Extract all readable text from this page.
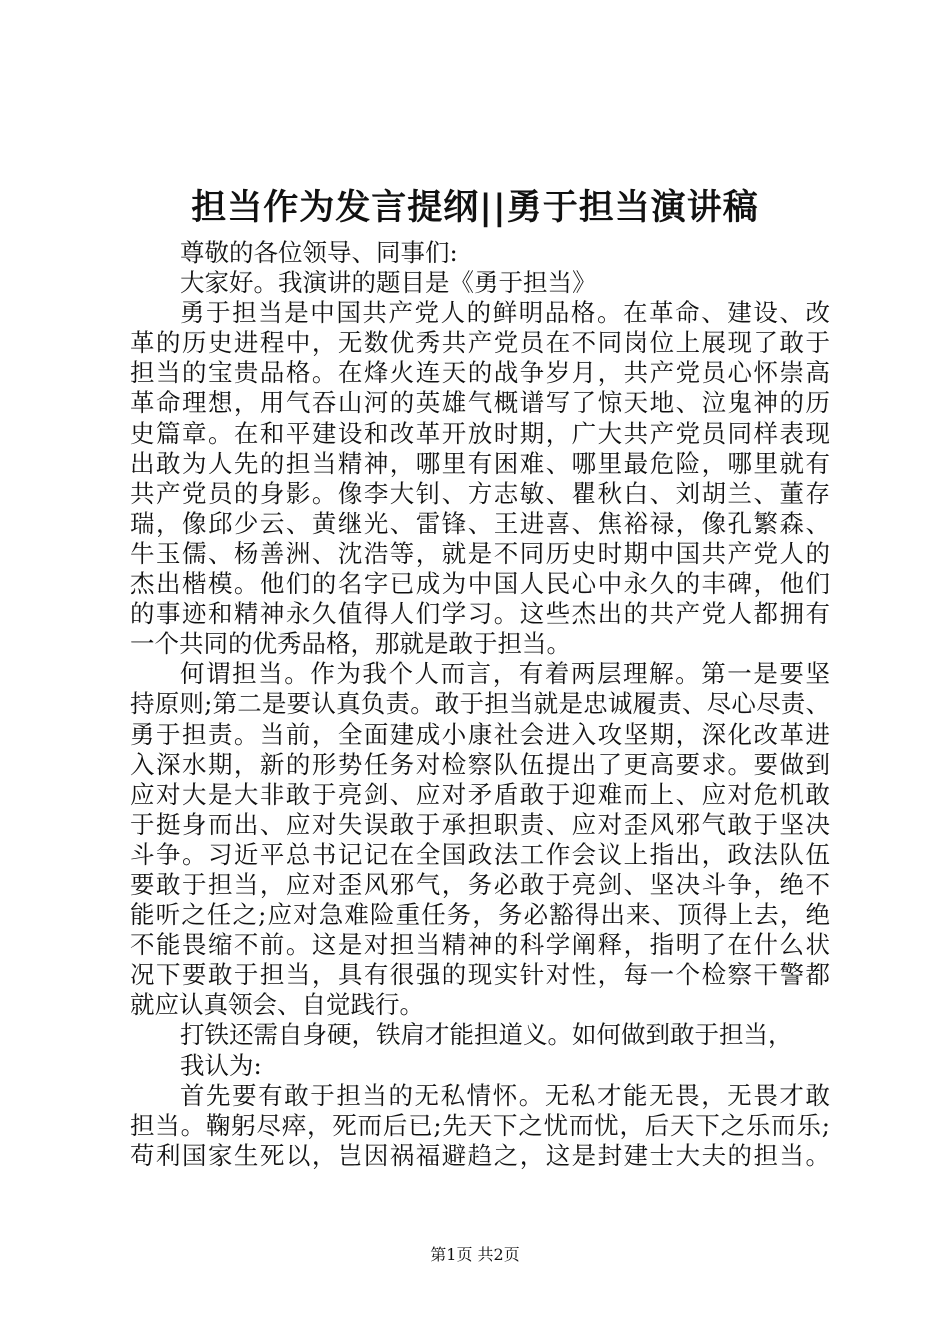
担当作为发言提纲||勇于担当演讲稿
尊敬的各位领导、同事们:
大家好。我演讲的题目是《勇于担当》
勇于担当是中国共产党人的鲜明品格。在革命、建设、改
革的历史进程中，无数优秀共产党员在不同岗位上展现了敢于
担当的宝贵品格。在烽火连天的战争岁月，共产党员心怀崇高
革命理想，用气吞山河的英雄气概谱写了惊天地、泣鬼神的历
史篇章。在和平建设和改革开放时期，广大共产党员同样表现
出敢为人先的担当精神，哪里有困难、哪里最危险，哪里就有
共产党员的身影。像李大钊、方志敏、瞿秋白、刘胡兰、董存
瑞，像邱少云、黄继光、雷锋、王进喜、焦裕禄，像孔繁森、
牛玉儒、杨善洲、沈浩等，就是不同历史时期中国共产党人的
杰出楷模。他们的名字已成为中国人民心中永久的丰碑，他们
的事迹和精神永久值得人们学习。这些杰出的共产党人都拥有
一个共同的优秀品格，那就是敢于担当。
何谓担当。作为我个人而言，有着两层理解。第一是要坚
持原则;第二是要认真负责。敢于担当就是忠诚履责、尽心尽责、
勇于担责。当前，全面建成小康社会进入攻坚期，深化改革进
入深水期，新的形势任务对检察队伍提出了更高要求。要做到
应对大是大非敢于亮剑、应对矛盾敢于迎难而上、应对危机敢
于挺身而出、应对失误敢于承担职责、应对歪风邪气敢于坚决
斗争。习近平总书记记在全国政法工作会议上指出，政法队伍
要敢于担当，应对歪风邪气，务必敢于亮剑、坚决斗争，绝不
能听之任之;应对急难险重任务，务必豁得出来、顶得上去，绝
不能畏缩不前。这是对担当精神的科学阐释，指明了在什么状
况下要敢于担当，具有很强的现实针对性，每一个检察干警都
就应认真领会、自觉践行。
打铁还需自身硬，铁肩才能担道义。如何做到敢于担当，
我认为:
首先要有敢于担当的无私情怀。无私才能无畏，无畏才敢
担当。鞠躬尽瘁，死而后已;先天下之忧而忧，后天下之乐而乐;
苟利国家生死以，岂因祸福避趋之，这是封建士大夫的担当。
第1页 共2页
